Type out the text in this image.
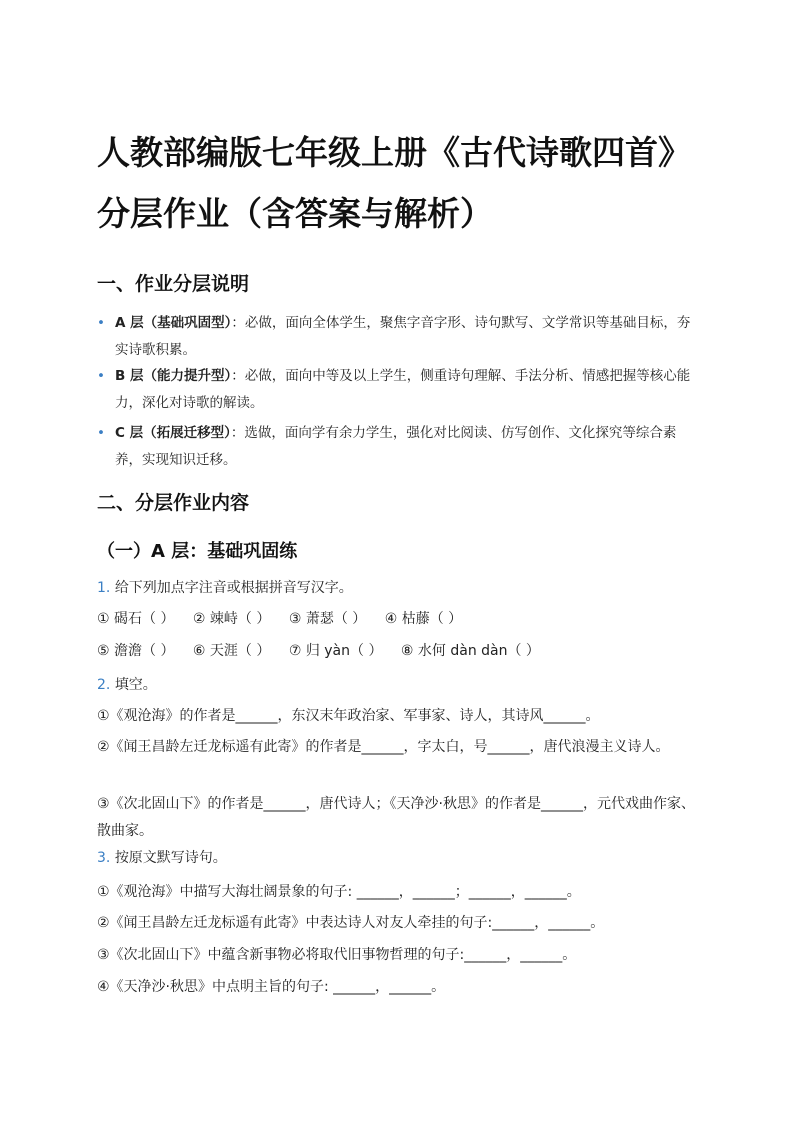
人教部编版七年级上册《古代诗歌四首》分层作业（含答案与解析）
一、作业分层说明
• A 层（基础巩固型）：必做，面向全体学生，聚焦字音字形、诗句默写、文学常识等基础目标，夯实诗歌积累。
• B 层（能力提升型）：必做，面向中等及以上学生，侧重诗句理解、手法分析、情感把握等核心能力，深化对诗歌的解读。
• C 层（拓展迁移型）：选做，面向学有余力学生，强化对比阅读、仿写创作、文化探究等综合素养，实现知识迁移。
二、分层作业内容
（一）A 层：基础巩固练
1. 给下列加点字注音或根据拼音写汉字。
① 碣石（ ） ② 竦峙（ ） ③ 萧瑟（ ） ④ 枯藤（ ）
⑤ 澹澹（ ） ⑥ 天涯（ ） ⑦ 归 yàn（ ） ⑧ 水何 dàn dàn（ ）
2. 填空。
①《观沧海》的作者是______，东汉末年政治家、军事家、诗人，其诗风______。
②《闻王昌龄左迁龙标遥有此寄》的作者是______，字太白，号______，唐代浪漫主义诗人。
③《次北固山下》的作者是______，唐代诗人；《天净沙·秋思》的作者是______，元代戏曲作家、散曲家。
3. 按原文默写诗句。
①《观沧海》中描写大海壮阔景象的句子: ______，______；______，______。
②《闻王昌龄左迁龙标遥有此寄》中表达诗人对友人牵挂的句子:______，______。
③《次北固山下》中蕴含新事物必将取代旧事物哲理的句子:______，______。
④《天净沙·秋思》中点明主旨的句子: ______，______。
